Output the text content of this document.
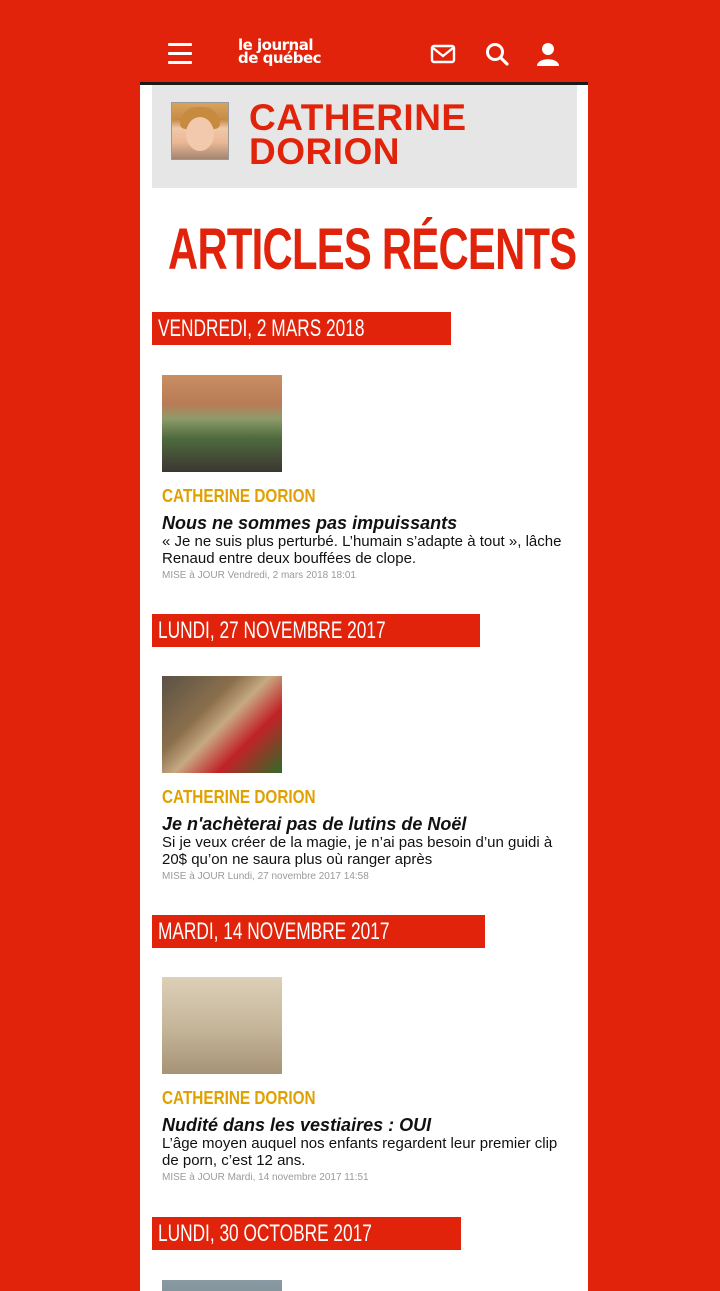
le journal
de québec
CATHERINE DORION
ARTICLES RÉCENTS
VENDREDI, 2 MARS 2018
CATHERINE DORION
Nous ne sommes pas impuissants
« Je ne suis plus perturbé. L’humain s’adapte à tout », lâche Renaud entre deux bouffées de clope.
MISE à JOUR Vendredi, 2 mars 2018 18:01
LUNDI, 27 NOVEMBRE 2017
CATHERINE DORION
Je n'achèterai pas de lutins de Noël
Si je veux créer de la magie, je n’ai pas besoin d’un guidi à 20$ qu’on ne saura plus où ranger après
MISE à JOUR Lundi, 27 novembre 2017 14:58
MARDI, 14 NOVEMBRE 2017
CATHERINE DORION
Nudité dans les vestiaires : OUI
L’âge moyen auquel nos enfants regardent leur premier clip de porn, c’est 12 ans.
MISE à JOUR Mardi, 14 novembre 2017 11:51
LUNDI, 30 OCTOBRE 2017
